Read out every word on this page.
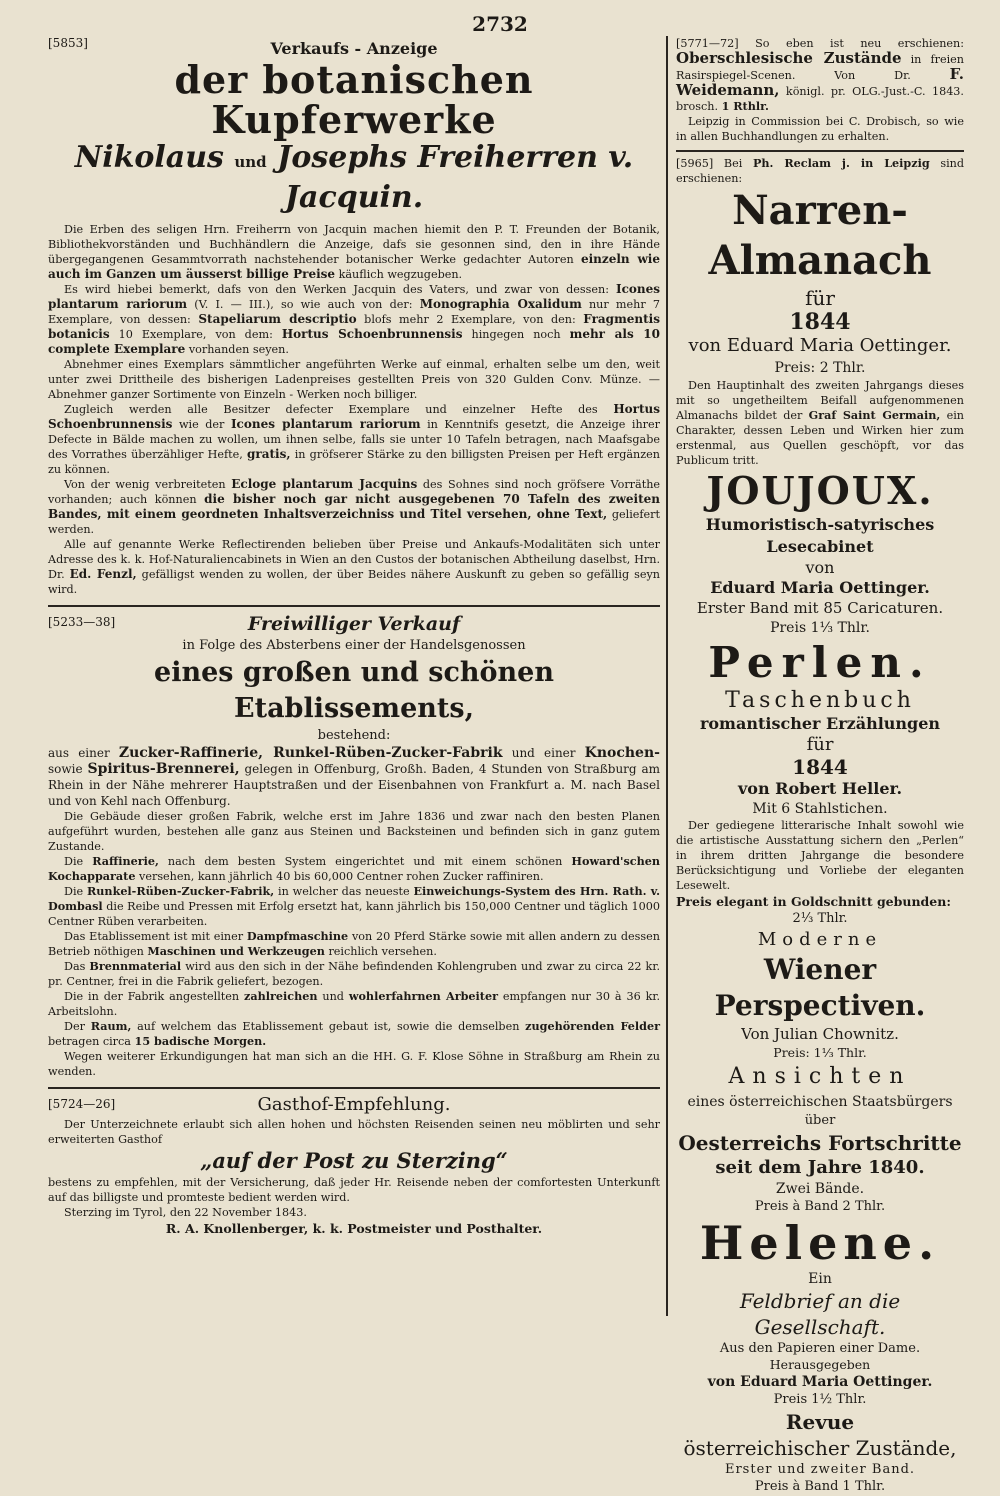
2732
[5853]	Verkaufs - Anzeige
der botanischen Kupferwerke
Nikolaus und Josephs Freiherren v. Jacquin.

Die Erben des seligen Hrn. Freiherrn von Jacquin machen hiemit den P. T. Freunden der Botanik, Bibliothekvorständen und Buchhändlern die Anzeige, dafs sie gesonnen sind, den in ihre Hände übergegangenen Gesammtvorrath nachstehender botanischer Werke gedachter Autoren einzeln wie auch im Ganzen um äusserst billige Preise käuflich wegzugeben.

Es wird hiebei bemerkt, dafs von den Werken Jacquin des Vaters, und zwar von dessen: Icones plantarum rariorum (V. I. — III.), so wie auch von der: Monographia Oxalidum nur mehr 7 Exemplare, von dessen: Stapeliarum descriptio blofs mehr 2 Exemplare, von den: Fragmentis botanicis 10 Exemplare, von dem: Hortus Schoenbrunnensis hingegen noch mehr als 10 complete Exemplare vorhanden seyen.

Abnehmer eines Exemplars sämmtlicher angeführten Werke auf einmal, erhalten selbe um den, weit unter zwei Drittheile des bisherigen Ladenpreises gestellten Preis von 320 Gulden Conv. Münze. — Abnehmer ganzer Sortimente von Einzeln - Werken noch billiger.

Zugleich werden alle Besitzer defecter Exemplare und einzelner Hefte des Hortus Schoenbrunnensis wie der Icones plantarum rariorum in Kenntnifs gesetzt, die Anzeige ihrer Defecte in Bälde machen zu wollen, um ihnen selbe, falls sie unter 10 Tafeln betragen, nach Maafsgabe des Vorrathes überzähliger Hefte, gratis, in gröfserer Stärke zu den billigsten Preisen per Heft ergänzen zu können.

Von der wenig verbreiteten Ecloge plantarum Jacquins des Sohnes sind noch gröfsere Vorräthe vorhanden; auch können die bisher noch gar nicht ausgegebenen 70 Tafeln des zweiten Bandes, mit einem geordneten Inhaltsverzeichniss und Titel versehen, ohne Text, geliefert werden.

Alle auf genannte Werke Reflectirenden belieben über Preise und Ankaufs-Modalitäten sich unter Adresse des k. k. Hof-Naturaliencabinets in Wien an den Custos der botanischen Abtheilung daselbst, Hrn. Dr. Ed. Fenzl, gefälligst wenden zu wollen, der über Beides nähere Auskunft zu geben so gefällig seyn wird.

[5233—38]	Freiwilliger Verkauf
in Folge des Absterbens einer der Handelsgenossen
eines großen und schönen Etablissements,
bestehend:

aus einer Zucker-Raffinerie, Runkel-Rüben-Zucker-Fabrik und einer Knochen- sowie Spiritus-Brennerei, gelegen in Offenburg, Großh. Baden, 4 Stunden von Straßburg am Rhein in der Nähe mehrerer Hauptstraßen und der Eisenbahnen von Frankfurt a. M. nach Basel und von Kehl nach Offenburg.

Die Gebäude dieser großen Fabrik, welche erst im Jahre 1836 und zwar nach den besten Planen aufgeführt wurden, bestehen alle ganz aus Steinen und Backsteinen und befinden sich in ganz gutem Zustande.

Die Raffinerie, nach dem besten System eingerichtet und mit einem schönen Howard'schen Kochapparate versehen, kann jährlich 40 bis 60,000 Centner rohen Zucker raffiniren.

Die Runkel-Rüben-Zucker-Fabrik, in welcher das neueste Einweichungs-System des Hrn. Rath. v. Dombasl die Reibe und Pressen mit Erfolg ersetzt hat, kann jährlich bis 150,000 Centner und täglich 1000 Centner Rüben verarbeiten.

Das Etablissement ist mit einer Dampfmaschine von 20 Pferd Stärke sowie mit allen andern zu dessen Betrieb nöthigen Maschinen und Werkzeugen reichlich versehen.

Das Brennmaterial wird aus den sich in der Nähe befindenden Kohlengruben und zwar zu circa 22 kr. pr. Centner, frei in die Fabrik geliefert, bezogen.

Die in der Fabrik angestellten zahlreichen und wohlerfahrnen Arbeiter empfangen nur 30 à 36 kr. Arbeitslohn.

Der Raum, auf welchem das Etablissement gebaut ist, sowie die demselben zugehörenden Felder betragen circa 15 badische Morgen.

Wegen weiterer Erkundigungen hat man sich an die HH. G. F. Klose Söhne in Straßburg am Rhein zu wenden.

[5724—26]	Gasthof-Empfehlung.

Der Unterzeichnete erlaubt sich allen hohen und höchsten Reisenden seinen neu möblirten und sehr erweiterten Gasthof

„auf der Post zu Sterzing“

bestens zu empfehlen, mit der Versicherung, daß jeder Hr. Reisende neben der comfortesten Unterkunft auf das billigste und promteste bedient werden wird.

Sterzing im Tyrol, den 22 November 1843.

R. A. Knollenberger, k. k. Postmeister und Posthalter.

[5771—72] So eben ist neu erschienen: Oberschlesische Zustände in freien Rasirspiegel-Scenen. Von Dr.	F. Weidemann, königl. pr. OLG.-Just.-C. 1843. brosch. 1 Rthlr.

Leipzig in Commission bei C. Drobisch, so wie in allen Buchhandlungen zu erhalten.

[5965] Bei Ph. Reclam j. in Leipzig sind erschienen:

Narren-Almanach
für
1844
von Eduard Maria Oettinger.
Preis: 2 Thlr.

Den Hauptinhalt des zweiten Jahrgangs dieses mit so ungetheiltem Beifall aufgenommenen Almanachs bildet der Graf Saint Germain, ein Charakter, dessen Leben und Wirken hier zum erstenmal, aus Quellen geschöpft, vor das Publicum tritt.

JOUJOUX.
Humoristisch-satyrisches Lesecabinet
von
Eduard Maria Oettinger.
Erster Band mit 85 Caricaturen.
Preis 1⅓ Thlr.
Perlen.
Taschenbuch
romantischer Erzählungen
für
1844
von Robert Heller.
Mit 6 Stahlstichen.

Der gediegene litterarische Inhalt sowohl wie die artistische Ausstattung sichern den „Perlen“ in ihrem dritten Jahrgange die besondere Berücksichtigung und Vorliebe der eleganten Lesewelt.

Preis elegant in Goldschnitt gebunden:
2⅓ Thlr.
Moderne
Wiener Perspectiven.
Von Julian Chownitz.
Preis: 1⅓ Thlr.
Ansichten
eines österreichischen Staatsbürgers
über
Oesterreichs Fortschritte
seit dem Jahre 1840.
Zwei Bände.
Preis à Band 2 Thlr.
Helene.
Ein
Feldbrief an die Gesellschaft.
Aus den Papieren einer Dame.
Herausgegeben
von Eduard Maria Oettinger.
Preis 1½ Thlr.
Revue
österreichischer Zustände,
Erster und zweiter Band.
Preis à Band 1 Thlr.
